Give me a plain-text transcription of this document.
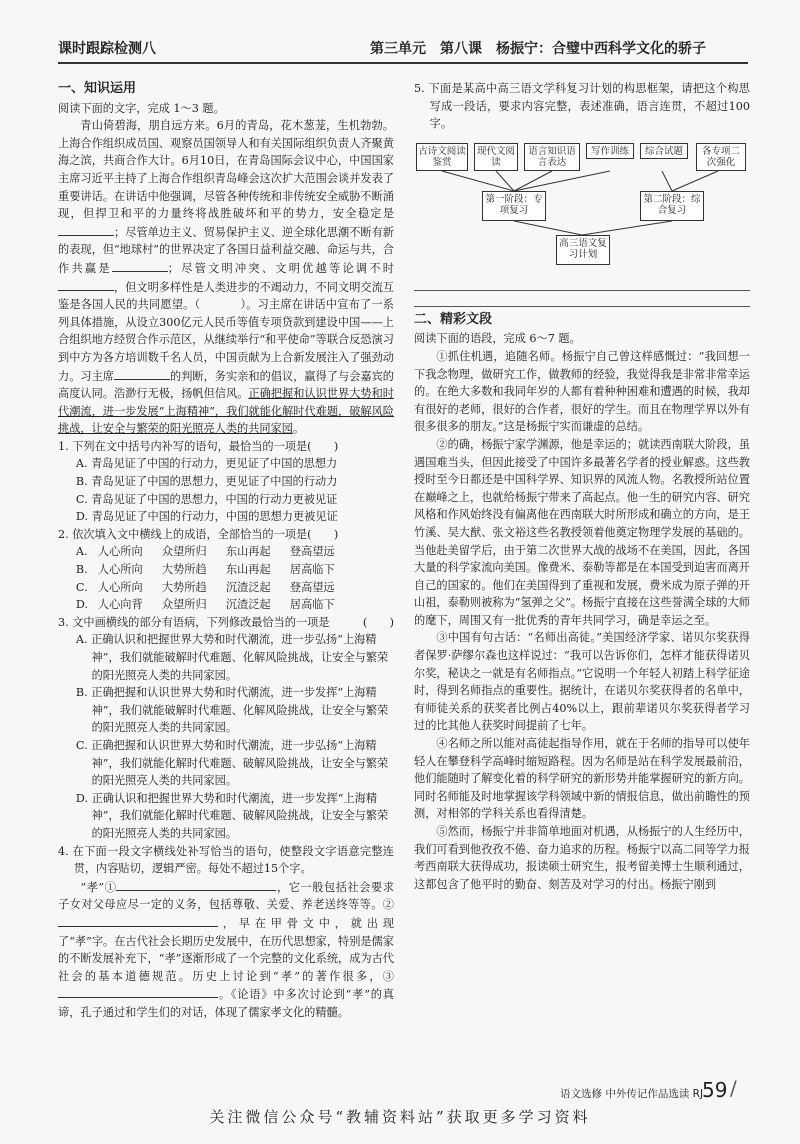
课时跟踪检测八	第三单元　第八课　杨振宁：合璧中西科学文化的骄子
一、知识运用

阅读下面的文字，完成 1～3 题。

青山倚碧海，朋自远方来。6月的青岛，花木葱茏，生机勃勃。上海合作组织成员国、观察员国领导人和有关国际组织负责人齐聚黄海之滨，共商合作大计。6月10日，在青岛国际会议中心，中国国家主席习近平主持了上海合作组织青岛峰会这次扩大范围会谈并发表了重要讲话。在讲话中他强调，尽管各种传统和非传统安全威胁不断涌现，但捍卫和平的力量终将战胜破坏和平的势力，安全稳定是；尽管单边主义、贸易保护主义、逆全球化思潮不断有新的表现，但“地球村”的世界决定了各国日益利益交融、命运与共，合作共赢是	；尽管文明冲突、文明优越等论调不时，但文明多样性是人类进步的不竭动力，不同文明交流互鉴是各国人民的共同愿望。（	）。习主席在讲话中宣布了一系列具体措施，从设立300亿元人民币等值专项贷款到建设中国——上合组织地方经贸合作示范区，从继续举行“和平使命”等联合反恐演习到中方为各方培训数千名人员，中国贡献为上合新发展注入了强劲动力。习主席	的判断，务实亲和的倡议，赢得了与会嘉宾的高度认同。浩渺行无极，扬帆但信风。正确把握和认识世界大势和时代潮流，进一步发展“上海精神”，我们就能化解时代难题，破解风险挑战，让安全与繁荣的阳光照亮人类的共同家园。

1. 下列在文中括号内补写的语句，最恰当的一项是(　　)

A. 青岛见证了中国的行动力，更见证了中国的思想力

B. 青岛见证了中国的思想力，更见证了中国的行动力

C. 青岛见证了中国的思想力，中国的行动力更被见证

D. 青岛见证了中国的行动力，中国的思想力更被见证

2. 依次填入文中横线上的成语，全部恰当的一项是(　　)

A. 人心所向	众望所归	东山再起	登高望远
B. 人心所向	大势所趋	东山再起	居高临下
C. 人心所向	大势所趋	沉渣泛起	登高望远
D. 人心向背	众望所归	沉渣泛起	居高临下

3. 文中画横线的部分有语病，下列修改最恰当的一项是	(　　)

A. 正确认识和把握世界大势和时代潮流，进一步弘扬“上海精神”，我们就能破解时代难题、化解风险挑战，让安全与繁荣的阳光照亮人类的共同家园。

B. 正确把握和认识世界大势和时代潮流，进一步发挥“上海精神”，我们就能破解时代难题、化解风险挑战，让安全与繁荣的阳光照亮人类的共同家园。

C. 正确把握和认识世界大势和时代潮流，进一步弘扬“上海精神”，我们就能化解时代难题、破解风险挑战，让安全与繁荣的阳光照亮人类的共同家园。

D. 正确认识和把握世界大势和时代潮流，进一步发挥“上海精神”，我们就能化解时代难题、破解风险挑战，让安全与繁荣的阳光照亮人类的共同家园。

4. 在下面一段文字横线处补写恰当的语句，使整段文字语意完整连贯，内容贴切，逻辑严密。每处不超过15个字。

“孝”①	，它一般包括社会要求子女对父母应尽一定的义务，包括尊敬、关爱、养老送终等等。②，早在甲骨文中，就出现了“孝”字。在古代社会长期历史发展中，在历代思想家，特别是儒家的不断发展补充下，“孝”逐渐形成了一个完整的文化系统，成为古代社会的基本道德规范。历史上讨论到“孝”的著作很多，③。《论语》中多次讨论到“孝”的真谛，孔子通过和学生们的对话，体现了儒家孝文化的精髓。

5. 下面是某高中高三语文学科复习计划的构思框架，请把这个构思写成一段话，要求内容完整，表述准确，语言连贯，不超过100字。

古诗文阅读鉴赏
现代文阅读
语言知识语言表达
写作训练	综合试题	各专项二次强化
第一阶段：专项复习
第二阶段：综合复习
高三语文复习计划
二、精彩文段

阅读下面的语段，完成 6～7 题。

①抓住机遇，追随名师。杨振宁自己曾这样感慨过：“我回想一下我念物理，做研究工作，做教师的经验，我觉得我是非常非常幸运的。在绝大多数和我同年岁的人都有着种种困难和遭遇的时候，我却有很好的老师，很好的合作者，很好的学生。而且在物理学界以外有很多很多的朋友。”这是杨振宁实而谦虚的总结。

②的确，杨振宁家学渊源，他是幸运的；就读西南联大阶段，虽遇国难当头，但因此接受了中国许多最著名学者的授业解惑。这些教授时至今日都还是中国科学界、知识界的风流人物。名教授所站位置在巅峰之上，也就给杨振宁带来了高起点。他一生的研究内容、研究风格和作风始终没有偏离他在西南联大时所形成和确立的方向，是王竹溪、吴大猷、张文裕这些名教授领着他奠定物理学发展的基础的。当他赴美留学后，由于第二次世界大战的战场不在美国，因此，各国大量的科学家流向美国。像费米、泰勒等都是在本国受到迫害而离开自己的国家的。他们在美国得到了重视和发展，费米成为原子弹的开山祖，泰勒则被称为“氢弹之父”。杨振宁直接在这些誉满全球的大师的麾下，周围又有一批优秀的青年共同学习，确是幸运之至。

③中国有句古话：“名师出高徒。”美国经济学家、诺贝尔奖获得者保罗·萨缪尔森也这样说过：“我可以告诉你们，怎样才能获得诺贝尔奖，秘诀之一就是有名师指点。”它说明一个年轻人初踏上科学征途时，得到名师指点的重要性。据统计，在诺贝尔奖获得者的名单中，有师徒关系的获奖者比例占40%以上，跟前辈诺贝尔奖获得者学习过的比其他人获奖时间提前了七年。

④名师之所以能对高徒起指导作用，就在于名师的指导可以使年轻人在攀登科学高峰时缩短路程。因为名师是站在科学发展最前沿，他们能随时了解变化着的科学研究的新形势并能掌握研究的新方向。同时名师能及时地掌握该学科领域中新的情报信息，做出前瞻性的预测，对相邻的学科关系也看得清楚。

⑤然而，杨振宁并非简单地面对机遇，从杨振宁的人生经历中，我们可看到他孜孜不倦、奋力追求的历程。杨振宁以高二同等学力报考西南联大获得成功，报读硕士研究生，报考留美博士生顺利通过，这都包含了他平时的勤奋、刻苦及对学习的付出。杨振宁刚到

语文选修 中外传记作品选读 RJ
59 /
关注微信公众号“教辅资料站”获取更多学习资料
